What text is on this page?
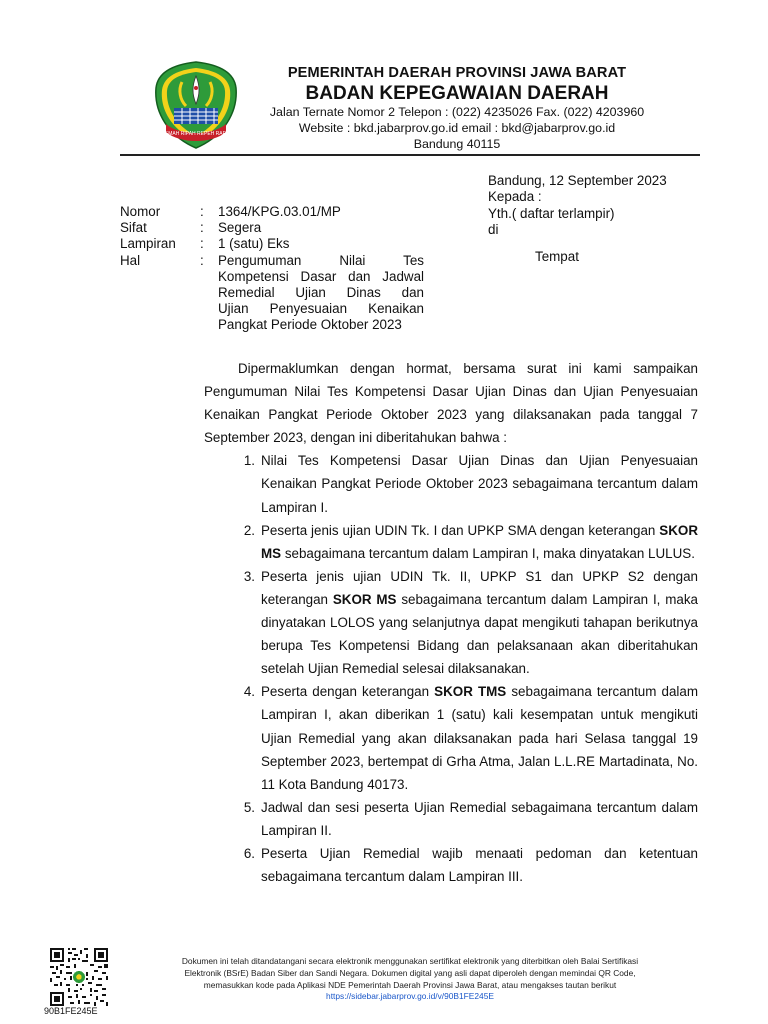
GEMAH RIPAH REPEH RAPIH
PEMERINTAH DAERAH PROVINSI JAWA BARAT
BADAN KEPEGAWAIAN DAERAH
Jalan Ternate Nomor 2 Telepon : (022) 4235026 Fax. (022) 4203960
Website : bkd.jabarprov.go.id email : bkd@jabarprov.go.id
Bandung 40115
Bandung, 12 September 2023
Kepada :
Yth.( daftar terlampir)
di
Tempat
Nomor	:	1364/KPG.03.01/MP
Sifat	:	Segera
Lampiran	:	1 (satu) Eks
Hal	:	Pengumuman Nilai Tes
Kompetensi Dasar dan Jadwal
Remedial Ujian Dinas dan
Ujian Penyesuaian Kenaikan
Pangkat Periode Oktober 2023

Dipermaklumkan dengan hormat, bersama surat ini kami sampaikan Pengumuman Nilai Tes Kompetensi Dasar Ujian Dinas dan Ujian Penyesuaian Kenaikan Pangkat Periode Oktober 2023 yang dilaksanakan pada tanggal 7 September 2023, dengan ini diberitahukan bahwa :

1. Nilai Tes Kompetensi Dasar Ujian Dinas dan Ujian Penyesuaian Kenaikan Pangkat Periode Oktober 2023 sebagaimana tercantum dalam Lampiran I.
2. Peserta jenis ujian UDIN Tk. I dan UPKP SMA dengan keterangan SKOR MS sebagaimana tercantum dalam Lampiran I, maka dinyatakan LULUS.
3. Peserta jenis ujian UDIN Tk. II, UPKP S1 dan UPKP S2 dengan keterangan SKOR MS sebagaimana tercantum dalam Lampiran I, maka dinyatakan LOLOS yang selanjutnya dapat mengikuti tahapan berikutnya berupa Tes Kompetensi Bidang dan pelaksanaan akan diberitahukan setelah Ujian Remedial selesai dilaksanakan.
4. Peserta dengan keterangan SKOR TMS sebagaimana tercantum dalam Lampiran I, akan diberikan 1 (satu) kali kesempatan untuk mengikuti Ujian Remedial yang akan dilaksanakan pada hari Selasa tanggal 19 September 2023, bertempat di Grha Atma, Jalan L.L.RE Martadinata, No. 11 Kota Bandung 40173.
5. Jadwal dan sesi peserta Ujian Remedial sebagaimana tercantum dalam Lampiran II.
6. Peserta Ujian Remedial wajib menaati pedoman dan ketentuan sebagaimana tercantum dalam Lampiran III.
90B1FE245E
Dokumen ini telah ditandatangani secara elektronik menggunakan sertifikat elektronik yang diterbitkan oleh Balai Sertifikasi
Elektronik (BSrE) Badan Siber dan Sandi Negara. Dokumen digital yang asli dapat diperoleh dengan memindai QR Code,
memasukkan kode pada Aplikasi NDE Pemerintah Daerah Provinsi Jawa Barat, atau mengakses tautan berikut
https://sidebar.jabarprov.go.id/v/90B1FE245E
